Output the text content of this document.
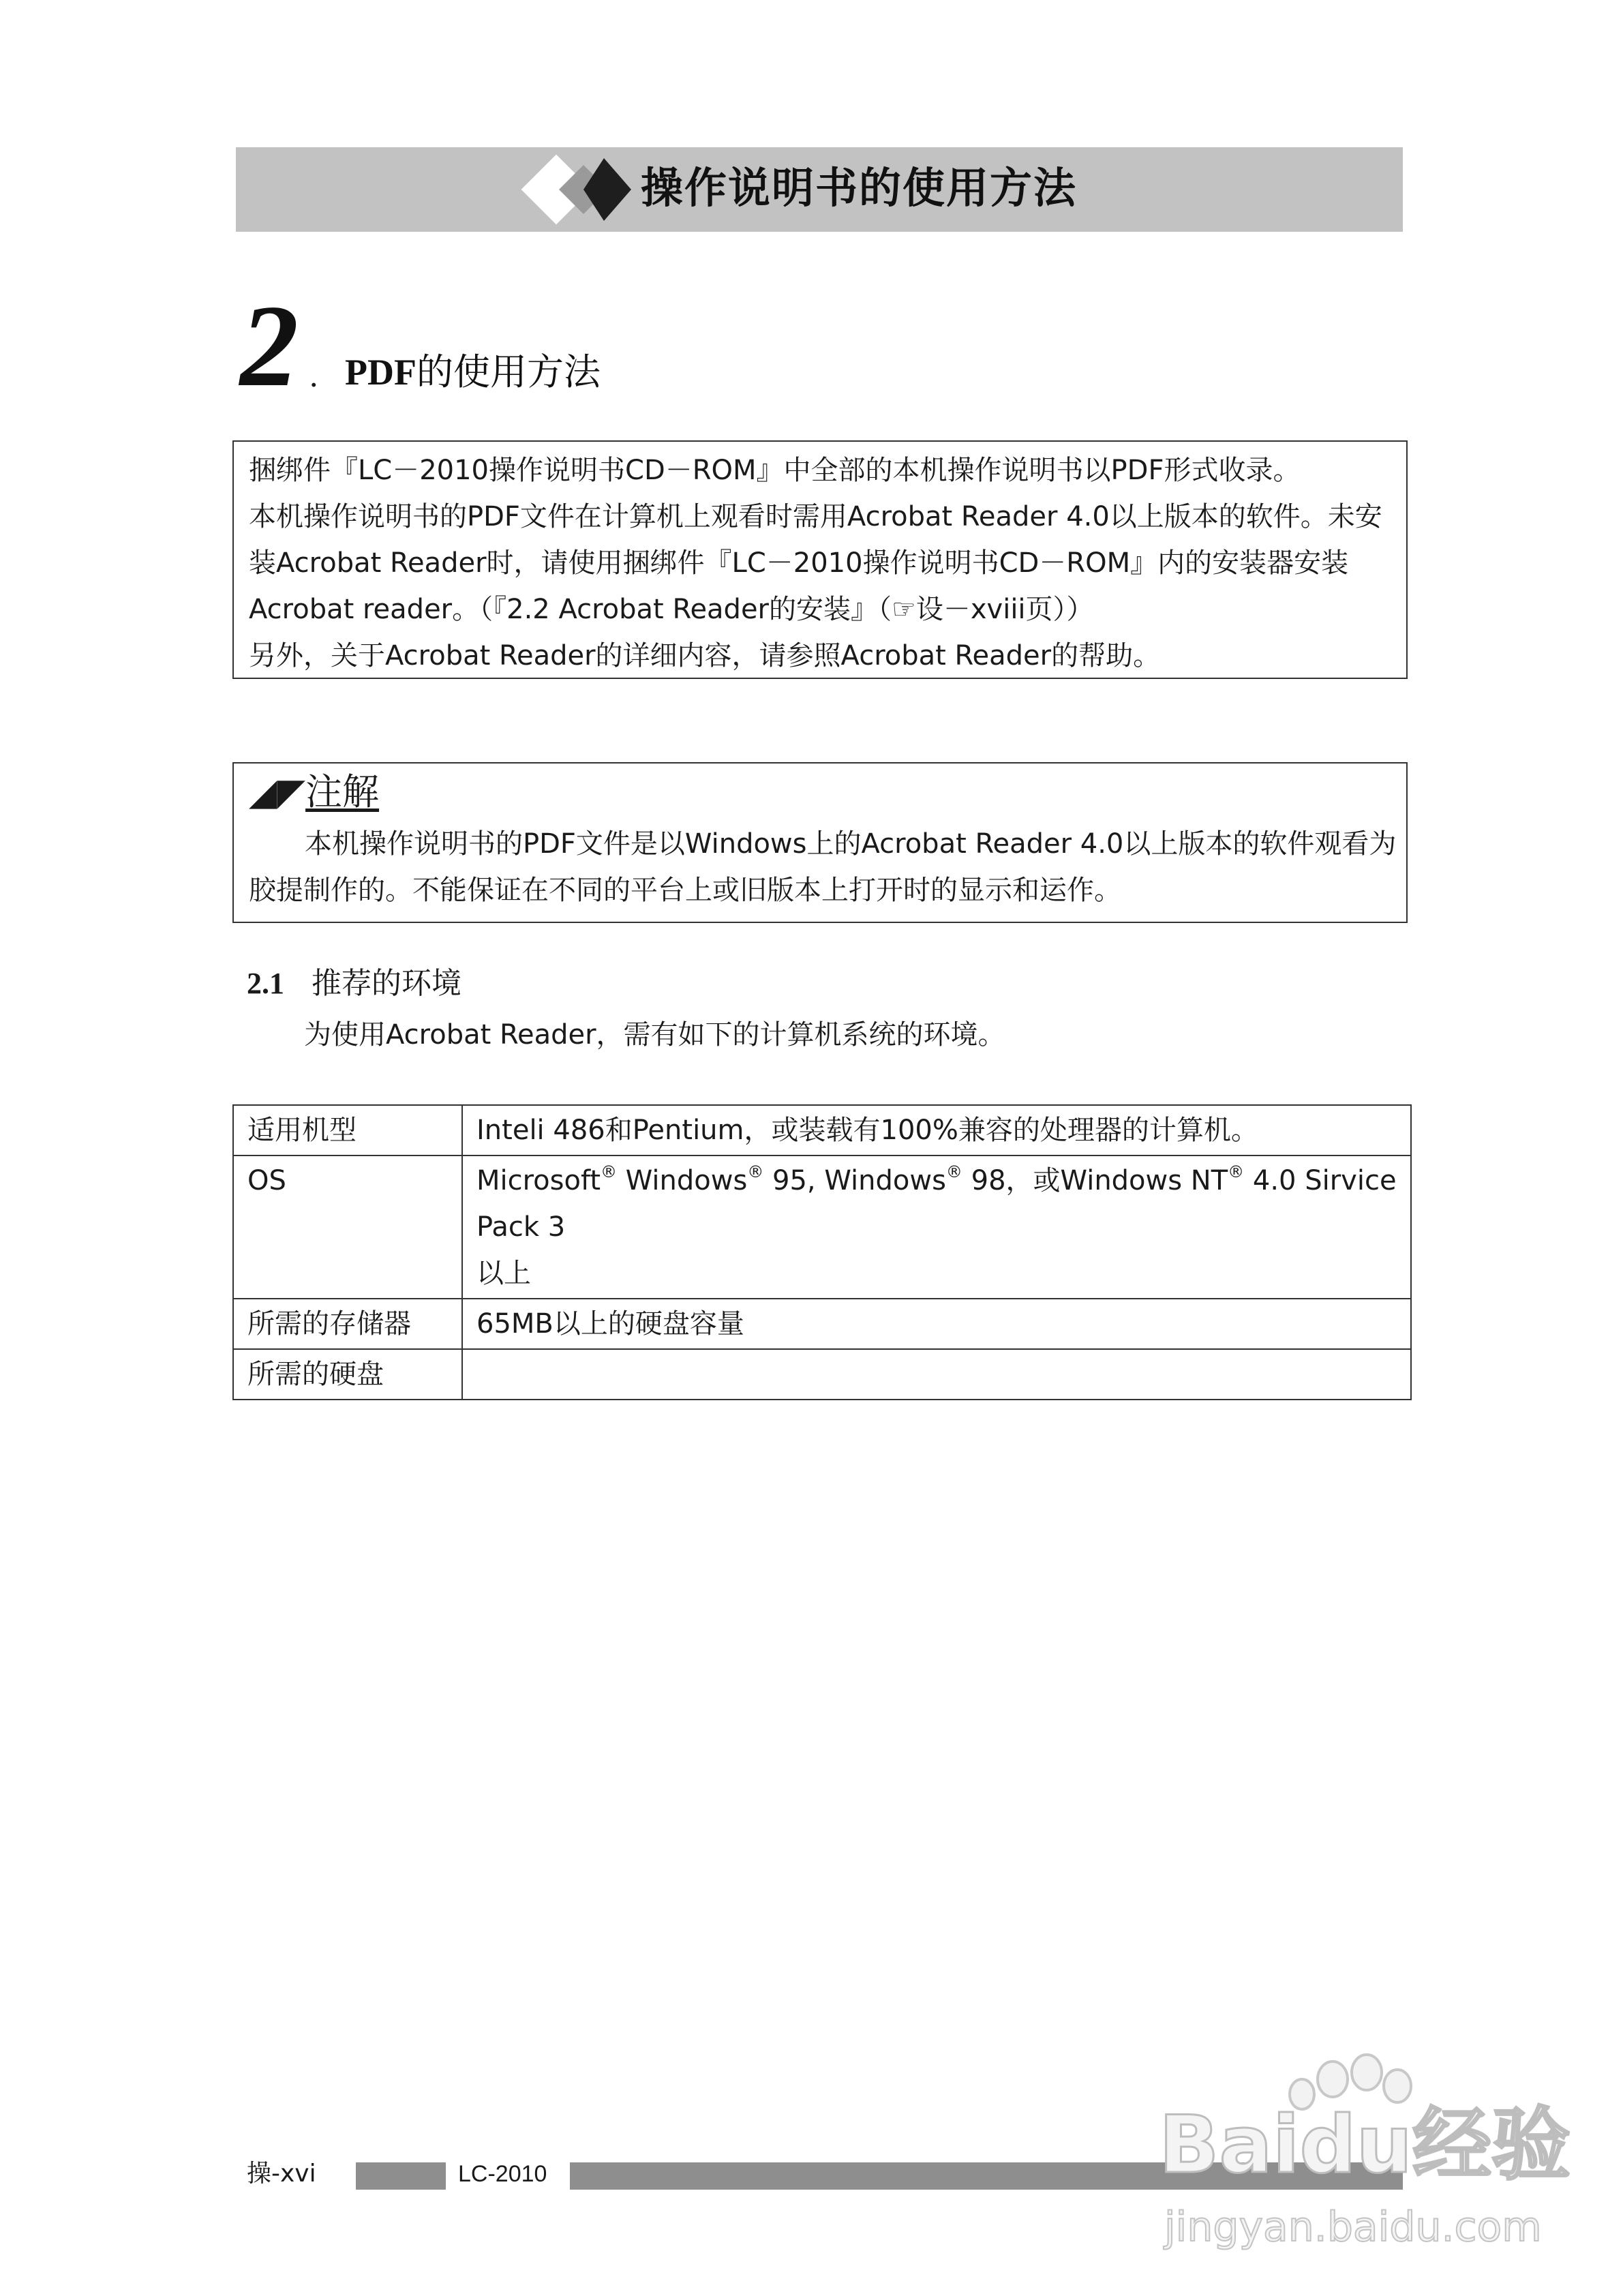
操作说明书的使用方法
2 . PDF的使用方法
捆绑件『LC－2010操作说明书CD－ROM』中全部的本机操作说明书以PDF形式收录。
本机操作说明书的PDF文件在计算机上观看时需用Acrobat Reader 4.0以上版本的软件。未安
装Acrobat Reader时，请使用捆绑件『LC－2010操作说明书CD－ROM』内的安装器安装
Acrobat reader。（『2.2 Acrobat Reader的安装』（☞设－xviii页））
另外，关于Acrobat Reader的详细内容，请参照Acrobat Reader的帮助。
◢◤注解
本机操作说明书的PDF文件是以Windows上的Acrobat Reader 4.0以上版本的软件观看为
胶提制作的。不能保证在不同的平台上或旧版本上打开时的显示和运作。
2.1 推荐的环境
为使用Acrobat Reader，需有如下的计算机系统的环境。
适用机型	Inteli 486和Pentium，或装载有100%兼容的处理器的计算机。
OS	Microsoft® Windows® 95, Windows® 98，或Windows NT® 4.0 Sirvice Pack 3
以上
所需的存储器	65MB以上的硬盘容量
所需的硬盘	
操-xvi	LC-2010	Baidu经验
jingyan.baidu.com
